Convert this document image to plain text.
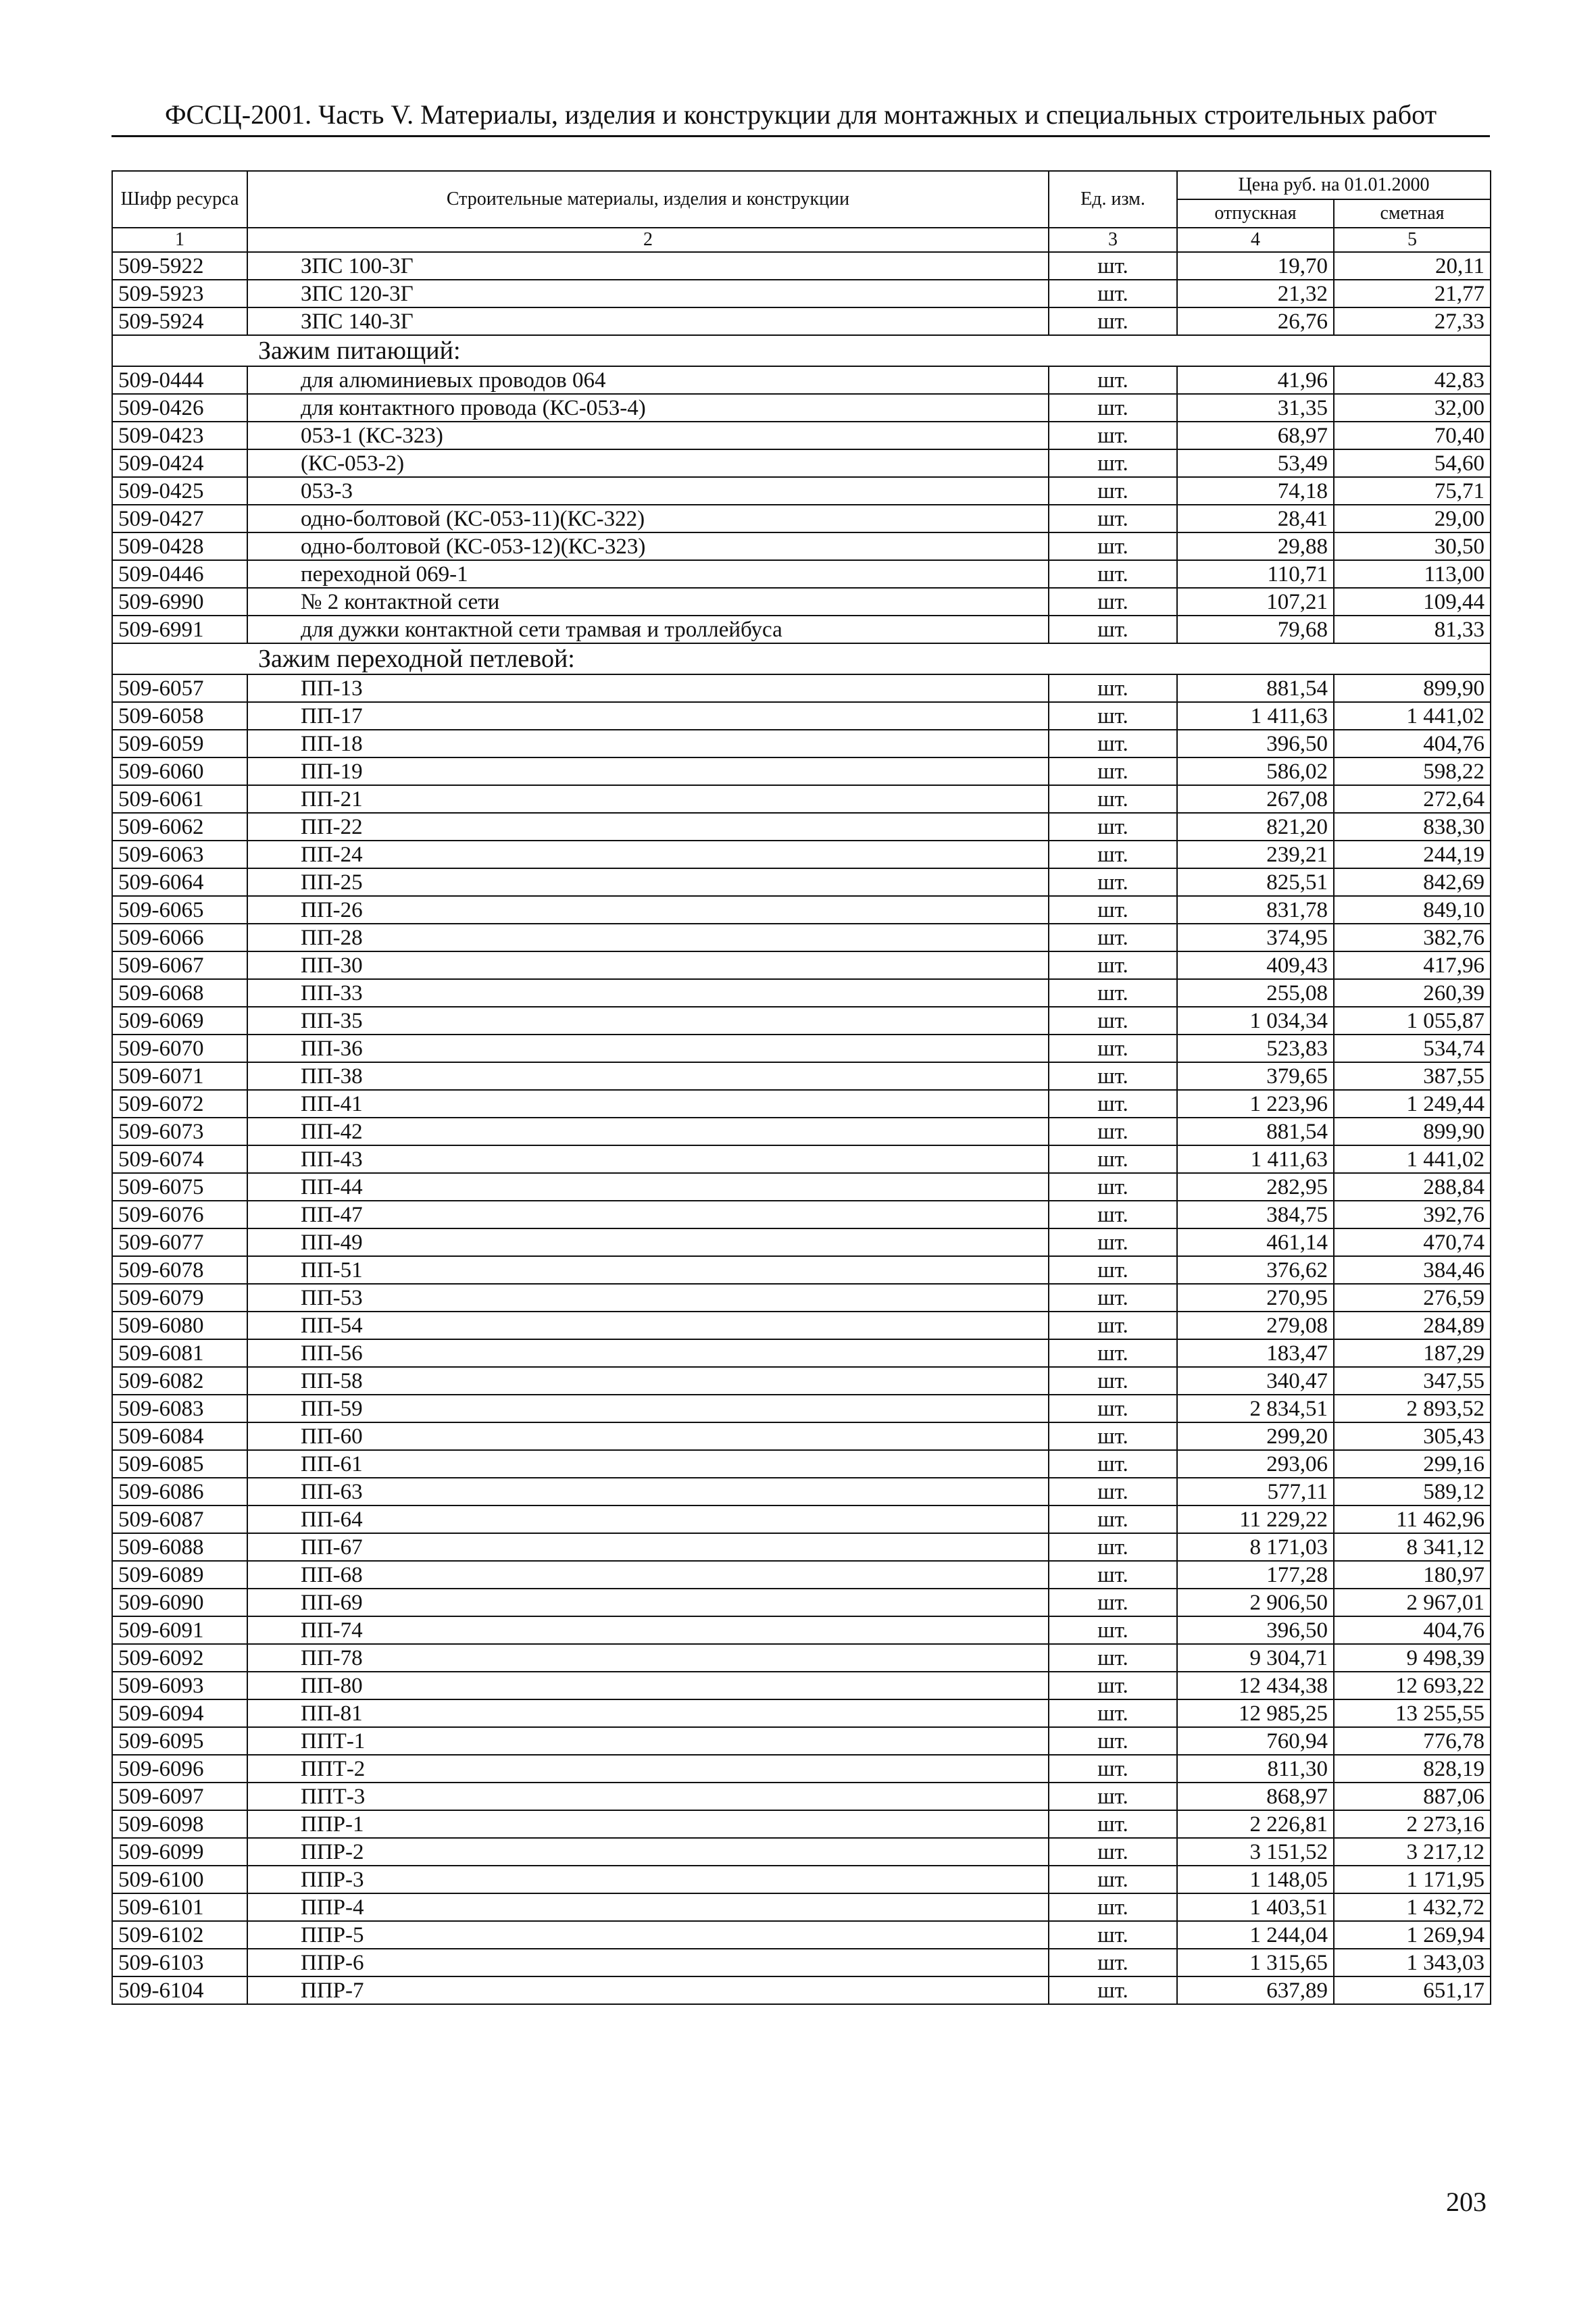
ФССЦ-2001. Часть V. Материалы, изделия и конструкции для монтажных и специальных строительных работ
Шифр ресурса	Строительные материалы, изделия и конструкции	Ед. изм.	Цена руб. на 01.01.2000	
			отпускная	сметная
1	2	3	4	5
509-5922	ЗПС 100-3Г	шт.	19,70	20,11
509-5923	ЗПС 120-3Г	шт.	21,32	21,77
509-5924	ЗПС 140-3Г	шт.	26,76	27,33
Зажим питающий:				
509-0444	для алюминиевых проводов 064	шт.	41,96	42,83
509-0426	для контактного провода (КС-053-4)	шт.	31,35	32,00
509-0423	053-1 (КС-323)	шт.	68,97	70,40
509-0424	(КС-053-2)	шт.	53,49	54,60
509-0425	053-3	шт.	74,18	75,71
509-0427	одно-болтовой (КС-053-11)(КС-322)	шт.	28,41	29,00
509-0428	одно-болтовой (КС-053-12)(КС-323)	шт.	29,88	30,50
509-0446	переходной 069-1	шт.	110,71	113,00
509-6990	№ 2 контактной сети	шт.	107,21	109,44
509-6991	для дужки контактной сети трамвая и троллейбуса	шт.	79,68	81,33
Зажим переходной петлевой:				
509-6057	ПП-13	шт.	881,54	899,90
509-6058	ПП-17	шт.	1 411,63	1 441,02
509-6059	ПП-18	шт.	396,50	404,76
509-6060	ПП-19	шт.	586,02	598,22
509-6061	ПП-21	шт.	267,08	272,64
509-6062	ПП-22	шт.	821,20	838,30
509-6063	ПП-24	шт.	239,21	244,19
509-6064	ПП-25	шт.	825,51	842,69
509-6065	ПП-26	шт.	831,78	849,10
509-6066	ПП-28	шт.	374,95	382,76
509-6067	ПП-30	шт.	409,43	417,96
509-6068	ПП-33	шт.	255,08	260,39
509-6069	ПП-35	шт.	1 034,34	1 055,87
509-6070	ПП-36	шт.	523,83	534,74
509-6071	ПП-38	шт.	379,65	387,55
509-6072	ПП-41	шт.	1 223,96	1 249,44
509-6073	ПП-42	шт.	881,54	899,90
509-6074	ПП-43	шт.	1 411,63	1 441,02
509-6075	ПП-44	шт.	282,95	288,84
509-6076	ПП-47	шт.	384,75	392,76
509-6077	ПП-49	шт.	461,14	470,74
509-6078	ПП-51	шт.	376,62	384,46
509-6079	ПП-53	шт.	270,95	276,59
509-6080	ПП-54	шт.	279,08	284,89
509-6081	ПП-56	шт.	183,47	187,29
509-6082	ПП-58	шт.	340,47	347,55
509-6083	ПП-59	шт.	2 834,51	2 893,52
509-6084	ПП-60	шт.	299,20	305,43
509-6085	ПП-61	шт.	293,06	299,16
509-6086	ПП-63	шт.	577,11	589,12
509-6087	ПП-64	шт.	11 229,22	11 462,96
509-6088	ПП-67	шт.	8 171,03	8 341,12
509-6089	ПП-68	шт.	177,28	180,97
509-6090	ПП-69	шт.	2 906,50	2 967,01
509-6091	ПП-74	шт.	396,50	404,76
509-6092	ПП-78	шт.	9 304,71	9 498,39
509-6093	ПП-80	шт.	12 434,38	12 693,22
509-6094	ПП-81	шт.	12 985,25	13 255,55
509-6095	ППТ-1	шт.	760,94	776,78
509-6096	ППТ-2	шт.	811,30	828,19
509-6097	ППТ-3	шт.	868,97	887,06
509-6098	ППР-1	шт.	2 226,81	2 273,16
509-6099	ППР-2	шт.	3 151,52	3 217,12
509-6100	ППР-3	шт.	1 148,05	1 171,95
509-6101	ППР-4	шт.	1 403,51	1 432,72
509-6102	ППР-5	шт.	1 244,04	1 269,94
509-6103	ППР-6	шт.	1 315,65	1 343,03
509-6104	ППР-7	шт.	637,89	651,17
203
